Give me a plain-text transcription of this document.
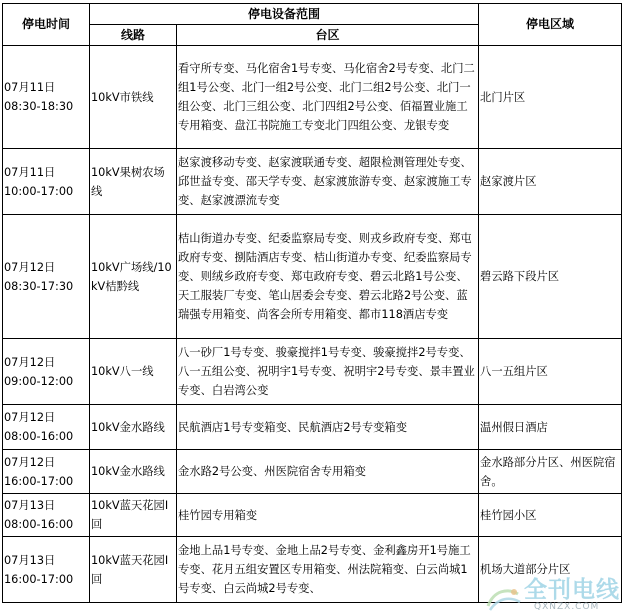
停电时间	停电设备范围		停电区域
	线路	台区	

07月11日
08:30-18:30	10kV市铁线	看守所专变、马化宿舍1号专变、马化宿舍2号专变、北门二组1号公变、北门一组2号公变、北门二组2号公变、北门一组公变、北门三组公变、北门四组2号公变、佰福置业施工专用箱变、盘江书院施工专变北门四组公变、龙银专变	北门片区

07月11日
10:00-17:00	10kV果树农场线	赵家渡移动专变、赵家渡联通专变、超限检测管理处专变、邱世益专变、邵天学专变、赵家渡旅游专变、赵家渡施工专变、赵家渡漂流专变	赵家渡片区

07月12日
08:30-17:30	10kV广场线/10kV桔黔线	桔山街道办专变、纪委监察局专变、则戎乡政府专变、郑屯政府专变、捌陆酒店专变、桔山街道办专变、纪委监察局专变、则绒乡政府专变、郑屯政府专变、碧云北路1号公变、天工服装厂专变、笔山居委会专变、碧云北路2号公变、蓝瑞强专用箱变、尚客会所专用箱变、都市118酒店专变	碧云路下段片区

07月12日
09:00-12:00	10kV八一线	八一砂厂1号专变、骏豪搅拌1号专变、骏豪搅拌2号专变、八一五组公变、祝明宇1号专变、祝明宇2号专变、景丰置业专变、白岩湾公变	八一五组片区

07月12日
08:00-16:00	10kV金水路线	民航酒店1号专变箱变、民航酒店2号专变箱变	温州假日酒店

07月12日
16:00-17:00	10kV金水路线	金水路2号公变、州医院宿舍专用箱变	金水路部分片区、州医院宿舍。

07月13日
08:00-16:00	10kV蓝天花园I回	桂竹园专用箱变	桂竹园小区

07月13日
16:00-17:00	10kV蓝天花园I回	金地上品1号专变、金地上品2号专变、金利鑫房开1号施工专变、花月五组安置区专用箱变、州法院箱变、白云尚城1号专变、白云尚城2号专变、	机场大道部分片区
全刊电线
QXNZX.COM
